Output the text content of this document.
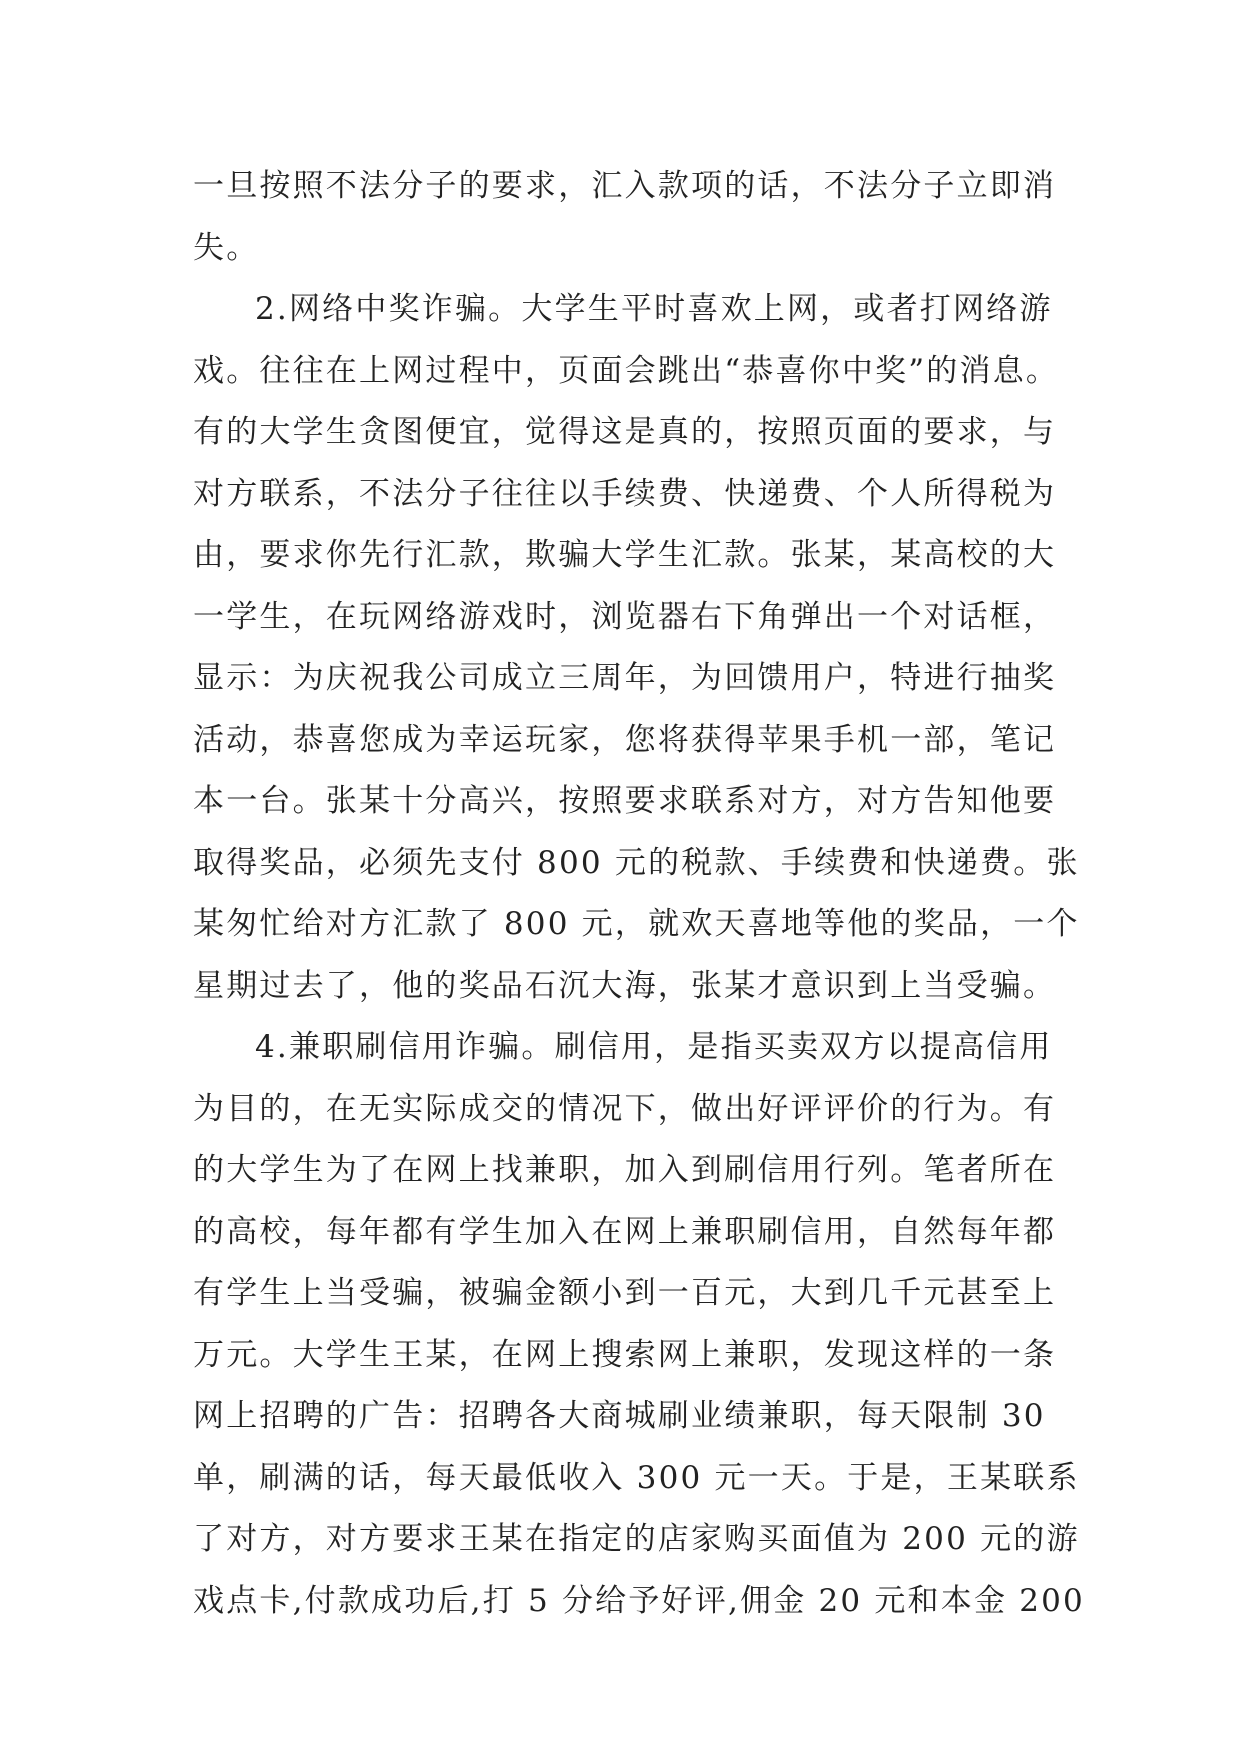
一旦按照不法分子的要求，汇入款项的话，不法分子立即消
失。
2.网络中奖诈骗。大学生平时喜欢上网，或者打网络游
戏。往往在上网过程中，页面会跳出“恭喜你中奖”的消息。
有的大学生贪图便宜，觉得这是真的，按照页面的要求，与
对方联系，不法分子往往以手续费、快递费、个人所得税为
由，要求你先行汇款，欺骗大学生汇款。张某，某高校的大
一学生，在玩网络游戏时，浏览器右下角弹出一个对话框，
显示：为庆祝我公司成立三周年，为回馈用户，特进行抽奖
活动，恭喜您成为幸运玩家，您将获得苹果手机一部，笔记
本一台。张某十分高兴，按照要求联系对方，对方告知他要
取得奖品，必须先支付 800 元的税款、手续费和快递费。张
某匆忙给对方汇款了 800 元，就欢天喜地等他的奖品，一个
星期过去了，他的奖品石沉大海，张某才意识到上当受骗。
4.兼职刷信用诈骗。刷信用，是指买卖双方以提高信用
为目的，在无实际成交的情况下，做出好评评价的行为。有
的大学生为了在网上找兼职，加入到刷信用行列。笔者所在
的高校，每年都有学生加入在网上兼职刷信用，自然每年都
有学生上当受骗，被骗金额小到一百元，大到几千元甚至上
万元。大学生王某，在网上搜索网上兼职，发现这样的一条
网上招聘的广告：招聘各大商城刷业绩兼职，每天限制 30
单，刷满的话，每天最低收入 300 元一天。于是，王某联系
了对方，对方要求王某在指定的店家购买面值为 200 元的游
戏点卡,付款成功后,打 5 分给予好评,佣金 20 元和本金 200
